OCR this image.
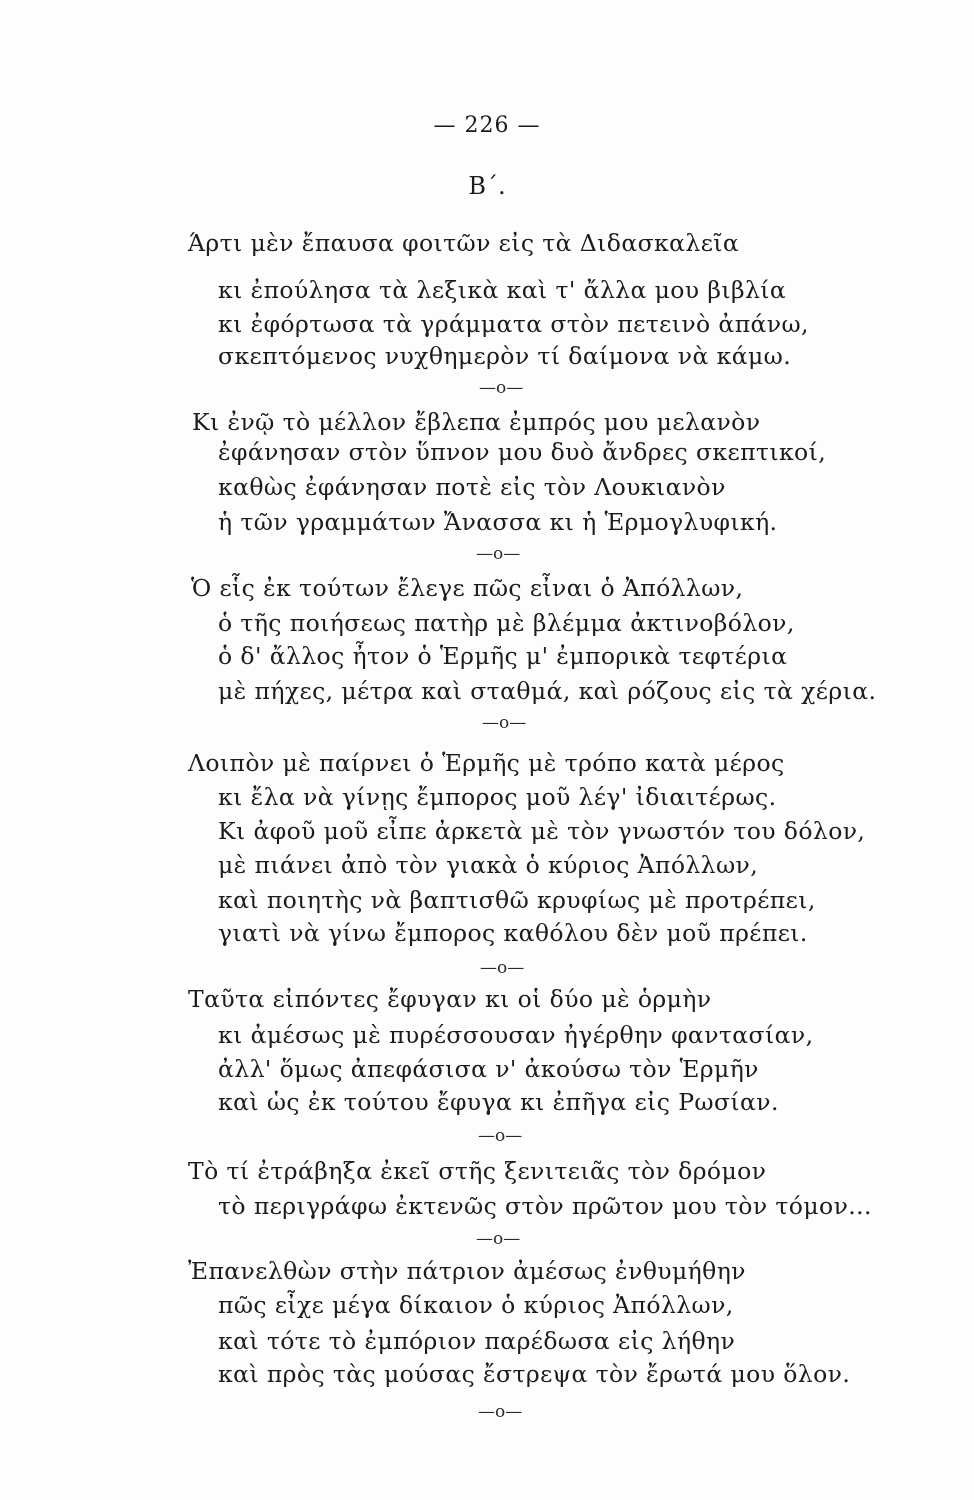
— 226 —
Β΄.
Άρτι μὲν ἔπαυσα φοιτῶν εἰς τὰ Διδασκαλεῖα
κι ἐπούλησα τὰ λεξικὰ καὶ τ' ἄλλα μου βιβλία
κι ἐφόρτωσα τὰ γράμματα στὸν πετεινὸ ἀπάνω,
σκεπτόμενος νυχθημερὸν τί δαίμονα νὰ κάμω.
—ο—
Κι ἐνῷ τὸ μέλλον ἔβλεπα ἐμπρός μου μελανὸν
ἐφάνησαν στὸν ὕπνον μου δυὸ ἄνδρες σκεπτικοί,
καθὼς ἐφάνησαν ποτὲ εἰς τὸν Λουκιανὸν
ἡ τῶν γραμμάτων Ἄνασσα κι ἡ Ἑρμογλυφική.
—ο—
Ὁ εἷς ἐκ τούτων ἔλεγε πῶς εἶναι ὁ Ἀπόλλων,
ὁ τῆς ποιήσεως πατὴρ μὲ βλέμμα ἀκτινοβόλον,
ὁ δ' ἄλλος ἦτον ὁ Ἑρμῆς μ' ἐμπορικὰ τεφτέρια
μὲ πήχες, μέτρα καὶ σταθμά, καὶ ρόζους εἰς τὰ χέρια.
—ο—
Λοιπὸν μὲ παίρνει ὁ Ἑρμῆς μὲ τρόπο κατὰ μέρος
κι ἔλα νὰ γίνῃς ἔμπορος μοῦ λέγ' ἰδιαιτέρως.
Κι ἀφοῦ μοῦ εἶπε ἀρκετὰ μὲ τὸν γνωστόν του δόλον,
μὲ πιάνει ἀπὸ τὸν γιακὰ ὁ κύριος Ἀπόλλων,
καὶ ποιητὴς νὰ βαπτισθῶ κρυφίως μὲ προτρέπει,
γιατὶ νὰ γίνω ἔμπορος καθόλου δὲν μοῦ πρέπει.
—ο—
Ταῦτα εἰπόντες ἔφυγαν κι οἱ δύο μὲ ὁρμὴν
κι ἀμέσως μὲ πυρέσσουσαν ἠγέρθην φαντασίαν,
ἀλλ' ὅμως ἀπεφάσισα ν' ἀκούσω τὸν Ἑρμῆν
καὶ ὡς ἐκ τούτου ἔφυγα κι ἐπῆγα εἰς Ρωσίαν.
—ο—
Τὸ τί ἐτράβηξα ἐκεῖ στῆς ξενιτειᾶς τὸν δρόμον
τὸ περιγράφω ἐκτενῶς στὸν πρῶτον μου τὸν τόμον...
—ο—
Ἐπανελθὼν στὴν πάτριον ἀμέσως ἐνθυμήθην
πῶς εἶχε μέγα δίκαιον ὁ κύριος Ἀπόλλων,
καὶ τότε τὸ ἐμπόριον παρέδωσα εἰς λήθην
καὶ πρὸς τὰς μούσας ἔστρεψα τὸν ἔρωτά μου ὅλον.
—ο—
